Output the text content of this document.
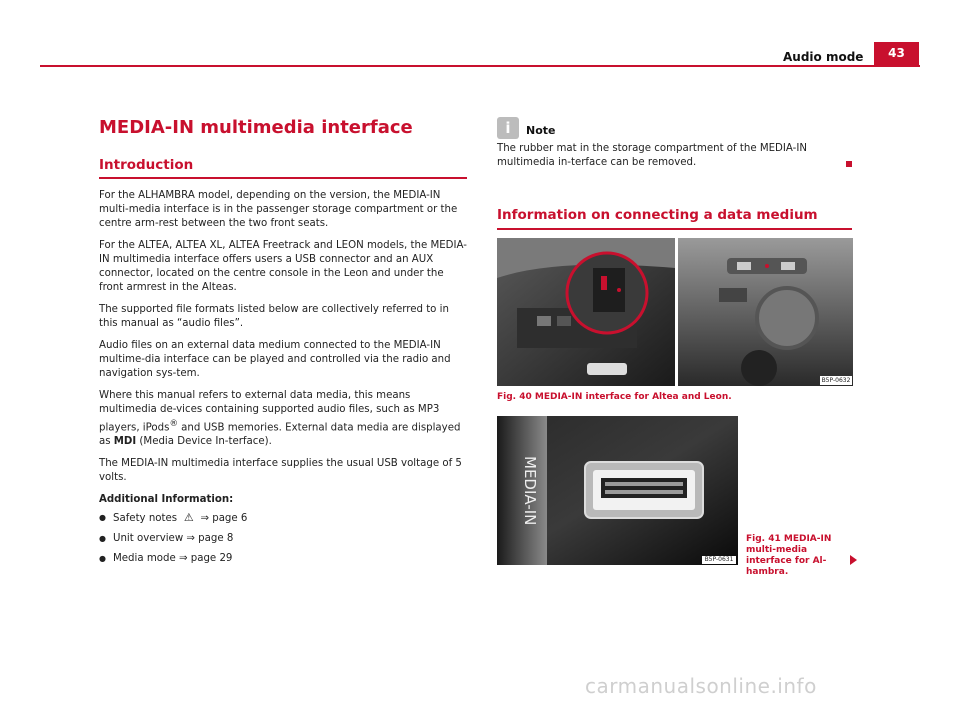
Audio mode	43
MEDIA-IN multimedia interface
Introduction

For the ALHAMBRA model, depending on the version, the MEDIA-IN multi-media interface is in the passenger storage compartment or the centre arm-rest between the two front seats.

For the ALTEA, ALTEA XL, ALTEA Freetrack and LEON models, the MEDIA-IN multimedia interface offers users a USB connector and an AUX connector, located on the centre console in the Leon and under the front armrest in the Alteas.

The supported file formats listed below are collectively referred to in this manual as “audio files”.

Audio files on an external data medium connected to the MEDIA-IN multime-dia interface can be played and controlled via the radio and navigation sys-tem.

Where this manual refers to external data media, this means multimedia de-vices containing supported audio files, such as MP3 players, iPods® and USB memories. External data media are displayed as MDI (Media Device In-terface).

The MEDIA-IN multimedia interface supplies the usual USB voltage of 5 volts.

Additional Information:

● Safety notes  ⚠  ⇒ page 6
● Unit overview ⇒ page 8
● Media mode ⇒ page 29
i	Note
The rubber mat in the storage compartment of the MEDIA-IN multimedia in-terface can be removed.
Information on connecting a data medium
B5P-0632
Fig. 40 MEDIA-IN interface for Altea and Leon.
MEDIA-IN
B5P-0631
Fig. 41 MEDIA-IN multi-media interface for Al-hambra.
carmanualsonline.info
